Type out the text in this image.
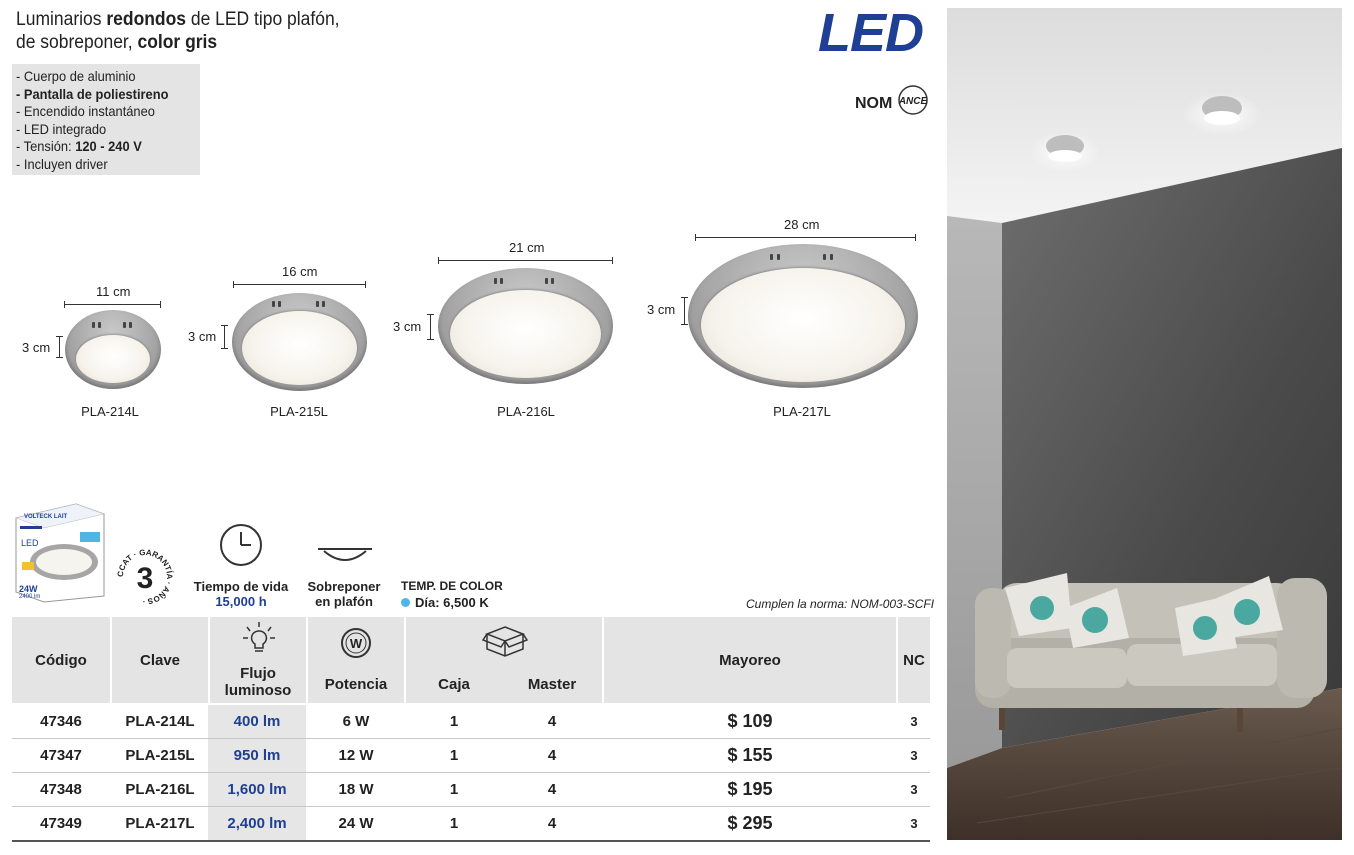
Luminarios redondos de LED tipo plafón,
de sobreponer, color gris	LED
NOM ANCE
- Cuerpo de aluminio
- Pantalla de poliestireno
- Encendido instantáneo
- LED integrado
- Tensión: 120 - 240 V
- Incluyen driver
11 cm
3 cm
PLA-214L
16 cm
3 cm
PLA-215L
21 cm
3 cm
PLA-216L
28 cm
3 cm
PLA-217L
VOLTECK LAIT
LED
24W
2400 lm
CCAT · GARANTÍA · AÑOS ·
3	Tiempo de vida
15,000 h
Sobreponer
en plafón
TEMP. DE COLOR
Día: 6,500 K	Cumplen la norma: NOM-003-SCFI
Código	Clave
Flujo luminoso
W
Potencia	Caja	Master
Mayoreo	NC
47346	PLA-214L	400 lm	6 W	1	4	$ 109	3
47347	PLA-215L	950 lm	12 W	1	4	$ 155	3
47348	PLA-216L	1,600 lm	18 W	1	4	$ 195	3
47349	PLA-217L	2,400 lm	24 W	1	4	$ 295	3
